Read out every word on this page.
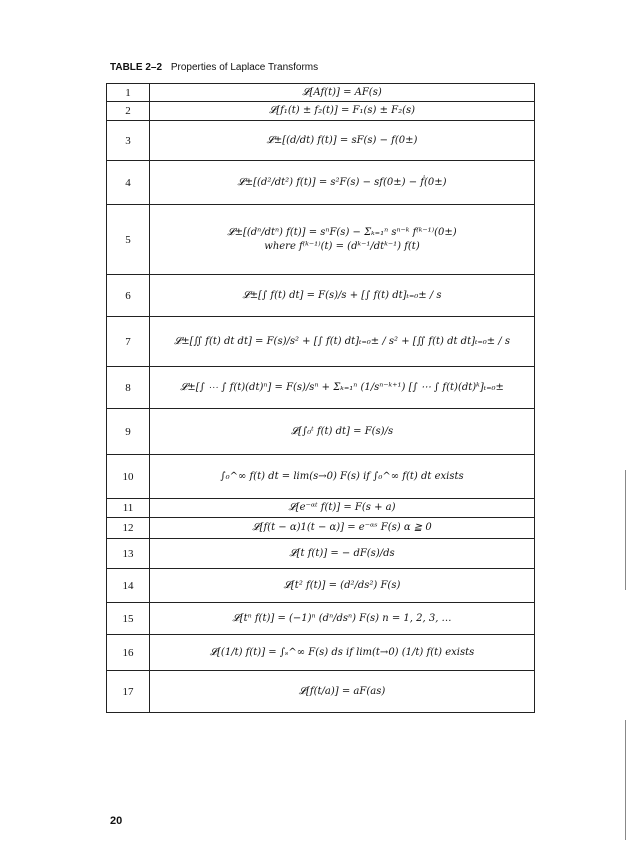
TABLE 2–2 Properties of Laplace Transforms
1	𝓛[Af(t)] = AF(s)
2	𝓛[f₁(t) ± f₂(t)] = F₁(s) ± F₂(s)
3	𝓛±[(d/dt) f(t)] = sF(s) − f(0±)
4	𝓛±[(d²/dt²) f(t)] = s²F(s) − sf(0±) − ḟ(0±)
5	𝓛±[(dⁿ/dtⁿ) f(t)] = sⁿF(s) − Σₖ₌₁ⁿ sⁿ⁻ᵏ f⁽ᵏ⁻¹⁾(0±)
where f⁽ᵏ⁻¹⁾(t) = (dᵏ⁻¹/dtᵏ⁻¹) f(t)

6	𝓛±[∫ f(t) dt] = F(s)/s + [∫ f(t) dt]ₜ₌₀± / s
7	𝓛±[∬ f(t) dt dt] = F(s)/s² + [∫ f(t) dt]ₜ₌₀± / s² + [∬ f(t) dt dt]ₜ₌₀± / s
8	𝓛±[∫ ⋯ ∫ f(t)(dt)ⁿ] = F(s)/sⁿ + Σₖ₌₁ⁿ (1/sⁿ⁻ᵏ⁺¹) [∫ ⋯ ∫ f(t)(dt)ᵏ]ₜ₌₀±
9	𝓛[∫₀ᵗ f(t) dt] = F(s)/s
10	∫₀^∞ f(t) dt = lim(s→0) F(s) if ∫₀^∞ f(t) dt exists
11	𝓛[e⁻ᵅᵗ f(t)] = F(s + a)
12	𝓛[f(t − α)1(t − α)] = e⁻ᵅˢ F(s) α ≧ 0
13	𝓛[t f(t)] = − dF(s)/ds
14	𝓛[t² f(t)] = (d²/ds²) F(s)
15	𝓛[tⁿ f(t)] = (−1)ⁿ (dⁿ/dsⁿ) F(s) n = 1, 2, 3, …
16	𝓛[(1/t) f(t)] = ∫ₛ^∞ F(s) ds if lim(t→0) (1/t) f(t) exists
17	𝓛[f(t/a)] = aF(as)
20
